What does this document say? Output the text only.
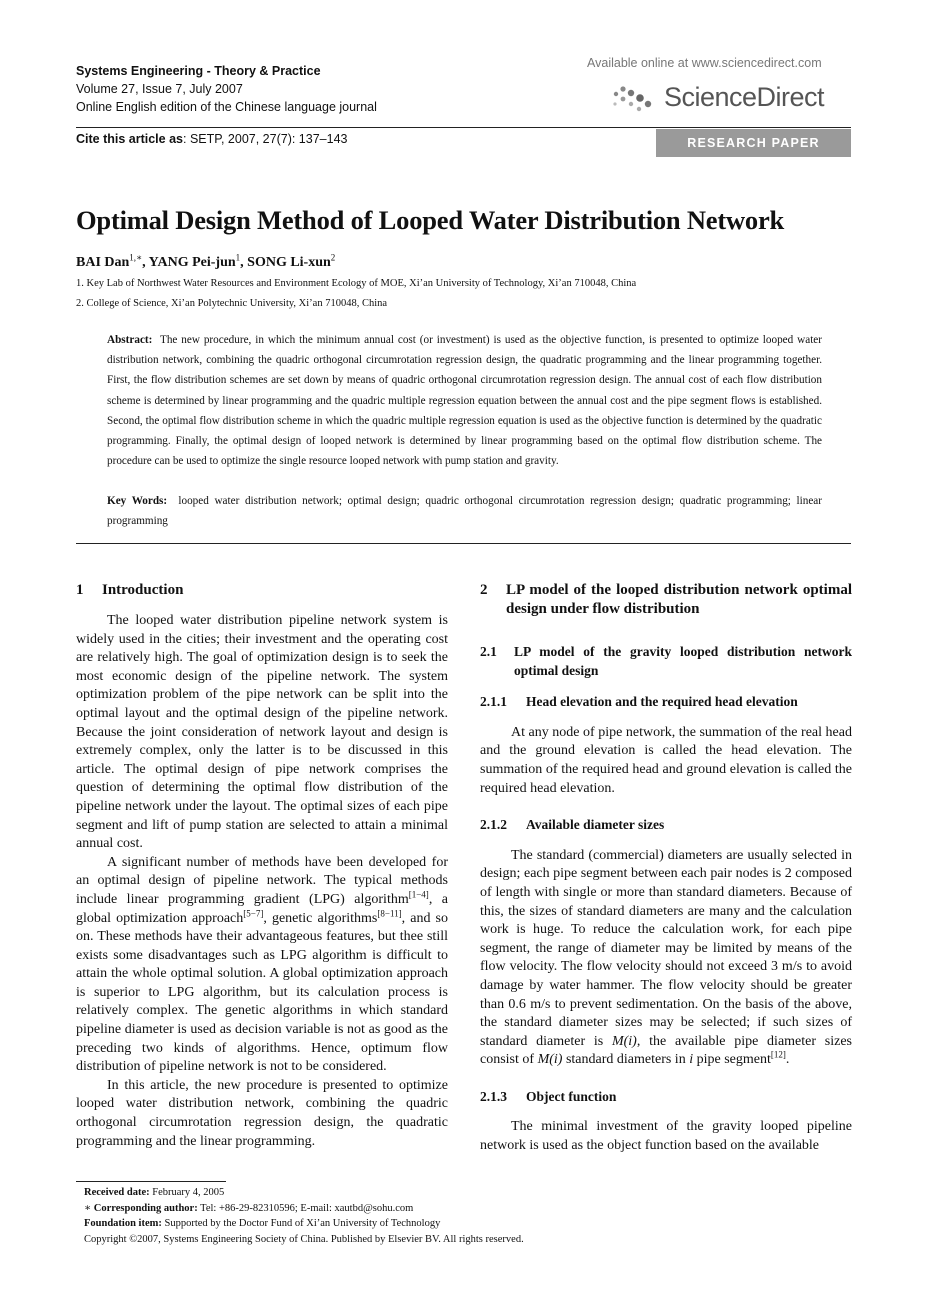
Systems Engineering - Theory & Practice
Volume 27, Issue 7, July 2007
Online English edition of the Chinese language journal
Available online at www.sciencedirect.com
ScienceDirect
Cite this article as: SETP, 2007, 27(7): 137–143	RESEARCH PAPER
Optimal Design Method of Looped Water Distribution Network
BAI Dan$^{1,∗}$, YANG Pei-jun$^1$, SONG Li-xun$^2$
1. Key Lab of Northwest Water Resources and Environment Ecology of MOE, Xi’an University of Technology, Xi’an 710048, China
2. College of Science, Xi’an Polytechnic University, Xi’an 710048, China
Abstract: The new procedure, in which the minimum annual cost (or investment) is used as the objective function, is presented to optimize looped water distribution network, combining the quadric orthogonal circumrotation regression design, the quadratic programming and the linear programming together. First, the flow distribution schemes are set down by means of quadric orthogonal circumrotation regression design. The annual cost of each flow distribution scheme is determined by linear programming and the quadric multiple regression equation between the annual cost and the pipe segment flows is established. Second, the optimal flow distribution scheme in which the quadric multiple regression equation is used as the objective function is determined by the quadratic programming. Finally, the optimal design of looped network is determined by linear programming based on the optimal flow distribution scheme. The procedure can be used to optimize the single resource looped network with pump station and gravity.
Key Words: looped water distribution network; optimal design; quadric orthogonal circumrotation regression design; quadratic programming; linear programming
1	Introduction

The looped water distribution pipeline network system is widely used in the cities; their investment and the operating cost are relatively high. The goal of optimization design is to seek the most economic design of the pipeline network. The system optimization problem of the pipe network can be split into the optimal layout and the optimal design of the pipeline network. Because the joint consideration of network layout and design is extremely complex, only the latter is to be discussed in this article. The optimal design of pipe network comprises the question of determining the optimal flow distribution of the pipeline network under the layout. The optimal sizes of each pipe segment and lift of pump station are selected to attain a minimal annual cost.

A significant number of methods have been developed for an optimal design of pipeline network. The typical methods include linear programming gradient (LPG) algorithm[1−4], a global optimization approach[5−7], genetic algorithms[8−11], and so on. These methods have their advantageous features, but thee still exists some disadvantages such as LPG algorithm is difficult to attain the whole optimal solution. A global optimization approach is superior to LPG algorithm, but its calculation process is relatively complex. The genetic algorithms in which standard pipeline diameter is used as decision variable is not as good as the preceding two kinds of algorithms. Hence, optimum flow distribution of pipeline network is not to be considered.

In this article, the new procedure is presented to optimize looped water distribution network, combining the quadric orthogonal circumrotation regression design, the quadratic programming and the linear programming.

2	LP model of the looped distribution network optimal design under flow distribution
2.1	LP model of the gravity looped distribution network optimal design
2.1.1	Head elevation and the required head elevation

At any node of pipe network, the summation of the real head and the ground elevation is called the head elevation. The summation of the required head and ground elevation is called the required head elevation.

2.1.2	Available diameter sizes

The standard (commercial) diameters are usually selected in design; each pipe segment between each pair nodes is 2 composed of length with single or more than standard diameters. Because of this, the sizes of standard diameters are many and the calculation work is huge. To reduce the calculation work, for each pipe segment, the range of diameter may be limited by means of the flow velocity. The flow velocity should not exceed 3 m/s to avoid damage by water hammer. The flow velocity should be greater than 0.6 m/s to prevent sedimentation. On the basis of the above, the standard diameter sizes may be selected; if such sizes of standard diameter is M(i), the available pipe diameter sizes consist of M(i) standard diameters in i pipe segment[12].

2.1.3	Object function

The minimal investment of the gravity looped pipeline network is used as the object function based on the available

Received date: February 4, 2005
∗ Corresponding author: Tel: +86-29-82310596; E-mail: xautbd@sohu.com
Foundation item: Supported by the Doctor Fund of Xi’an University of Technology
Copyright ©2007, Systems Engineering Society of China. Published by Elsevier BV. All rights reserved.
